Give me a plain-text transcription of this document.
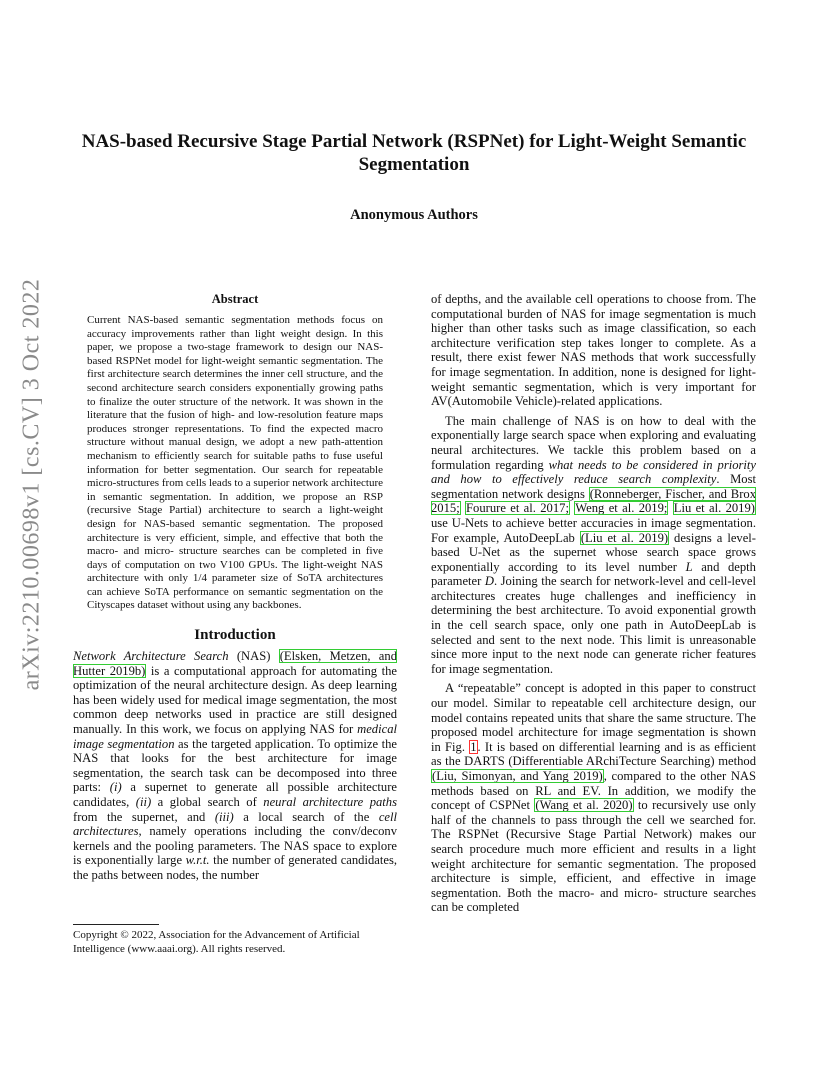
arXiv:2210.00698v1 [cs.CV] 3 Oct 2022
NAS-based Recursive Stage Partial Network (RSPNet) for Light-Weight Semantic Segmentation
Anonymous Authors
Abstract

Current NAS-based semantic segmentation methods focus on accuracy improvements rather than light weight design. In this paper, we propose a two-stage framework to design our NAS-based RSPNet model for light-weight semantic segmentation. The first architecture search determines the inner cell structure, and the second architecture search considers exponentially growing paths to finalize the outer structure of the network. It was shown in the literature that the fusion of high- and low-resolution feature maps produces stronger representations. To find the expected macro structure without manual design, we adopt a new path-attention mechanism to efficiently search for suitable paths to fuse useful information for better segmentation. Our search for repeatable micro-structures from cells leads to a superior network architecture in semantic segmentation. In addition, we propose an RSP (recursive Stage Partial) architecture to search a light-weight design for NAS-based semantic segmentation. The proposed architecture is very efficient, simple, and effective that both the macro- and micro- structure searches can be completed in five days of computation on two V100 GPUs. The light-weight NAS architecture with only 1/4 parameter size of SoTA architectures can achieve SoTA performance on semantic segmentation on the Cityscapes dataset without using any backbones.

Introduction

Network Architecture Search (NAS) (Elsken, Metzen, and Hutter 2019b) is a computational approach for automating the optimization of the neural architecture design. As deep learning has been widely used for medical image segmentation, the most common deep networks used in practice are still designed manually. In this work, we focus on applying NAS for medical image segmentation as the targeted application. To optimize the NAS that looks for the best architecture for image segmentation, the search task can be decomposed into three parts: (i) a supernet to generate all possible architecture candidates, (ii) a global search of neural architecture paths from the supernet, and (iii) a local search of the cell architectures, namely operations including the conv/deconv kernels and the pooling parameters. The NAS space to explore is exponentially large w.r.t. the number of generated candidates, the paths between nodes, the number

of depths, and the available cell operations to choose from. The computational burden of NAS for image segmentation is much higher than other tasks such as image classification, so each architecture verification step takes longer to complete. As a result, there exist fewer NAS methods that work successfully for image segmentation. In addition, none is designed for light-weight semantic segmentation, which is very important for AV(Automobile Vehicle)-related applications.

The main challenge of NAS is on how to deal with the exponentially large search space when exploring and evaluating neural architectures. We tackle this problem based on a formulation regarding what needs to be considered in priority and how to effectively reduce search complexity. Most segmentation network designs (Ronneberger, Fischer, and Brox 2015; Fourure et al. 2017; Weng et al. 2019; Liu et al. 2019) use U-Nets to achieve better accuracies in image segmentation. For example, AutoDeepLab (Liu et al. 2019) designs a level-based U-Net as the supernet whose search space grows exponentially according to its level number L and depth parameter D. Joining the search for network-level and cell-level architectures creates huge challenges and inefficiency in determining the best architecture. To avoid exponential growth in the cell search space, only one path in AutoDeepLab is selected and sent to the next node. This limit is unreasonable since more input to the next node can generate richer features for image segmentation.

A “repeatable” concept is adopted in this paper to construct our model. Similar to repeatable cell architecture design, our model contains repeated units that share the same structure. The proposed model architecture for image segmentation is shown in Fig. 1. It is based on differential learning and is as efficient as the DARTS (Differentiable ARchiTecture Searching) method (Liu, Simonyan, and Yang 2019), compared to the other NAS methods based on RL and EV. In addition, we modify the concept of CSPNet (Wang et al. 2020) to recursively use only half of the channels to pass through the cell we searched for. The RSPNet (Recursive Stage Partial Network) makes our search procedure much more efficient and results in a light weight architecture for semantic segmentation. The proposed architecture is simple, efficient, and effective in image segmentation. Both the macro- and micro- structure searches can be completed

Copyright © 2022, Association for the Advancement of Artificial Intelligence (www.aaai.org). All rights reserved.
